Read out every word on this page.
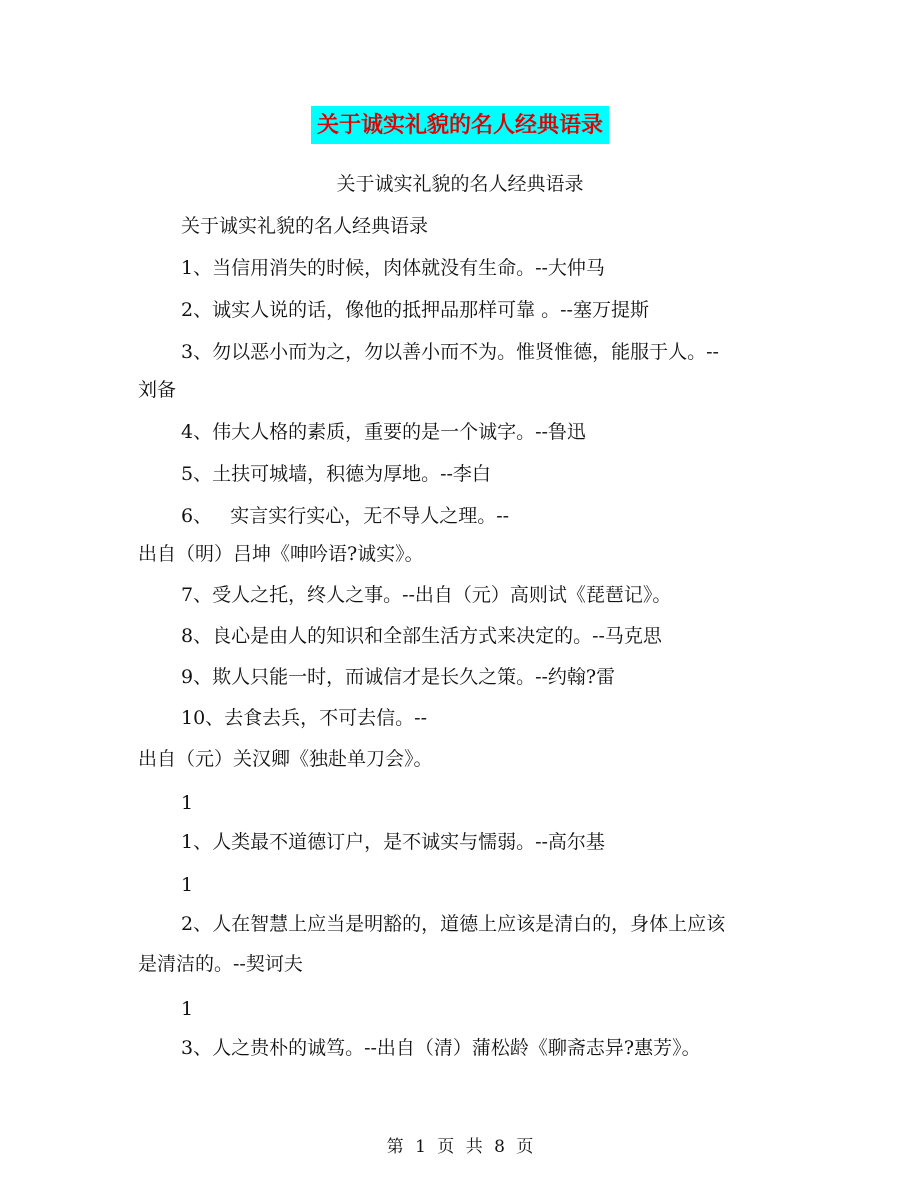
关于诚实礼貌的名人经典语录
关于诚实礼貌的名人经典语录
关于诚实礼貌的名人经典语录
1、当信用消失的时候，肉体就没有生命。--大仲马
2、诚实人说的话，像他的抵押品那样可靠 。--塞万提斯
3、勿以恶小而为之，勿以善小而不为。惟贤惟德，能服于人。--
刘备
4、伟大人格的素质，重要的是一个诚字。--鲁迅
5、土扶可城墙，积德为厚地。--李白
6、   实言实行实心，无不导人之理。--
出自（明）吕坤《呻吟语?诚实》。
7、受人之托，终人之事。--出自（元）高则试《琵琶记》。
8、良心是由人的知识和全部生活方式来决定的。--马克思
9、欺人只能一时，而诚信才是长久之策。--约翰?雷
10、去食去兵，不可去信。--
出自（元）关汉卿《独赴单刀会》。
1
1、人类最不道德订户，是不诚实与懦弱。--高尔基
1
2、人在智慧上应当是明豁的，道德上应该是清白的，身体上应该
是清洁的。--契诃夫
1
3、人之贵朴的诚笃。--出自（清）蒲松龄《聊斋志异?惠芳》。
第 1 页 共 8 页
